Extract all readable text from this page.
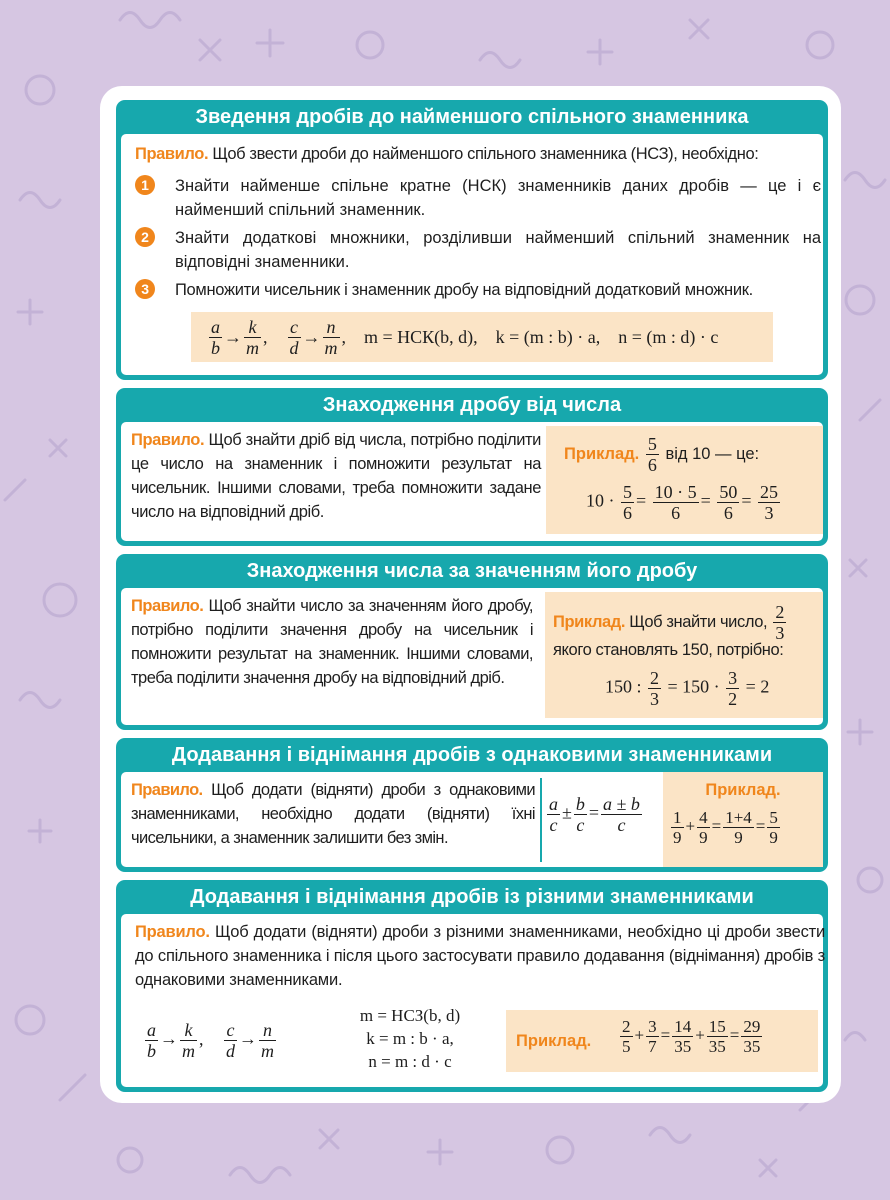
Зведення дробів до найменшого спільного знаменника
Правило. Щоб звести дроби до найменшого спільного знаменника (НСЗ), необхідно:
1	Знайти найменше спільне кратне (НСК) знаменників даних дробів — це і є найменший спільний знаменник.
2	Знайти додаткові множники, розділивши найменший спільний знаменник на відповідні знаменники.
3	Помножити чисельник і знаменник дробу на відповідний додатковий множник.
a
b
→ k
m
, c
d
→ n
m
, m = НСК(b, d), k = (m : b) · a, n = (m : d) · c
Знаходження дробу від числа
Правило. Щоб знайти дріб від числа, потрібно поділити це число на знаменник і помножити результат на чисельник. Іншими словами, треба помножити задане число на відповідний дріб.
Приклад. $\frac{5}{6}$ від 10 — це:
$10 \cdot \frac{5}{6} = \frac{10 \cdot 5}{6} = \frac{50}{6} = \frac{25}{3}$
Знаходження числа за значенням його дробу
Правило. Щоб знайти число за значенням його дробу, потрібно поділити значення дробу на чисельник і помножити результат на знаменник. Іншими словами, треба поділити значення дробу на відповідний дріб.
Приклад. Щоб знайти число, $\frac{2}{3}$
якого становлять 150, потрібно:
150 : $\frac{2}{3} = 150 \cdot \frac{3}{2} = 2$
Додавання і віднімання дробів з однаковими знаменниками
Правило. Щоб додати (відняти) дроби з однаковими знаменниками, необхідно додати (відняти) їхні чисельники, а знаменник залишити без змін.
$\frac{a}{c} \pm \frac{b}{c} = \frac{a \pm b}{c}$
Приклад.
$\frac{1}{9} + \frac{4}{9} = \frac{1+4}{9} = \frac{5}{9}$
Додавання і віднімання дробів із різними знаменниками
Правило. Щоб додати (відняти) дроби з різними знаменниками, необхідно ці дроби звести до спільного знаменника і після цього застосувати правило додавання (віднімання) дробів з однаковими знаменниками.
$\frac{a}{b} \to \frac{k}{m}$ , $\frac{c}{d} \to \frac{n}{m}$
m = НСЗ(b, d)
k = m : b · a,
n = m : d · c
Приклад. $\frac{2}{5} + \frac{3}{7} = \frac{14}{35} + \frac{15}{35} = \frac{29}{35}$
